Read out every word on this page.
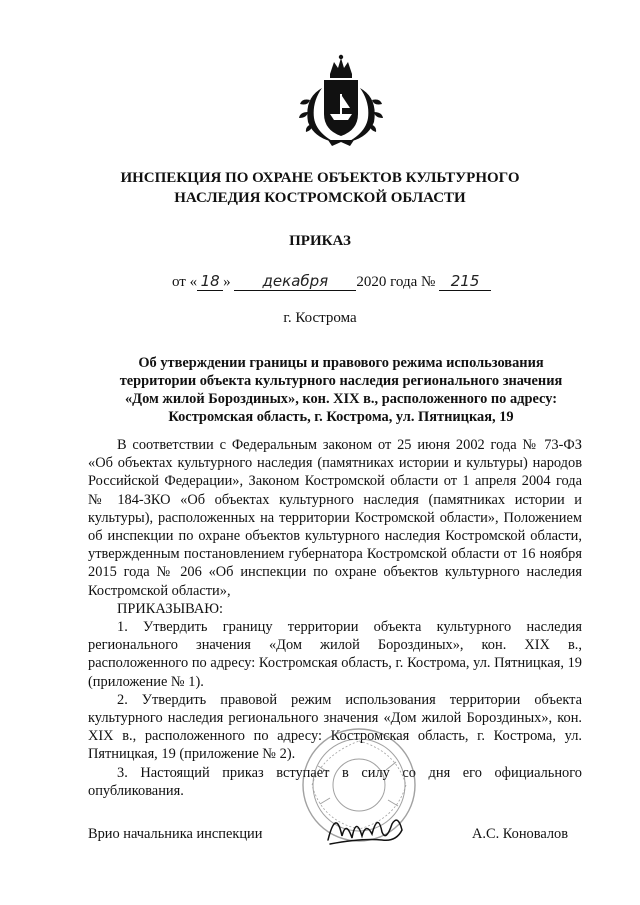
ИНСПЕКЦИЯ ПО ОХРАНЕ ОБЪЕКТОВ КУЛЬТУРНОГО
НАСЛЕДИЯ КОСТРОМСКОЙ ОБЛАСТИ
ПРИКАЗ
от « 18 » декабря 2020 года № 215
г. Кострома
Об утверждении границы и правового режима использования
территории объекта культурного наследия регионального значения
«Дом жилой Бороздиных», кон. XIX в., расположенного по адресу:
Костромская область, г. Кострома, ул. Пятницкая, 19

В соответствии с Федеральным законом от 25 июня 2002 года № 73-ФЗ «Об объектах культурного наследия (памятниках истории и культуры) народов Российской Федерации», Законом Костромской области от 1 апреля 2004 года № 184-ЗКО «Об объектах культурного наследия (памятниках истории и культуры), расположенных на территории Костромской области», Положением об инспекции по охране объектов культурного наследия Костромской области, утвержденным постановлением губернатора Костромской области от 16 ноября 2015 года № 206 «Об инспекции по охране объектов культурного наследия Костромской области»,

ПРИКАЗЫВАЮ:

1. Утвердить границу территории объекта культурного наследия регионального значения «Дом жилой Бороздиных», кон. XIX в., расположенного по адресу: Костромская область, г. Кострома, ул. Пятницкая, 19 (приложение № 1).

2. Утвердить правовой режим использования территории объекта культурного наследия регионального значения «Дом жилой Бороздиных», кон. XIX в., расположенного по адресу: Костромская область, г. Кострома, ул. Пятницкая, 19 (приложение № 2).

3. Настоящий приказ вступает в силу со дня его официального опубликования.

Врио начальника инспекции	А.С. Коновалов
